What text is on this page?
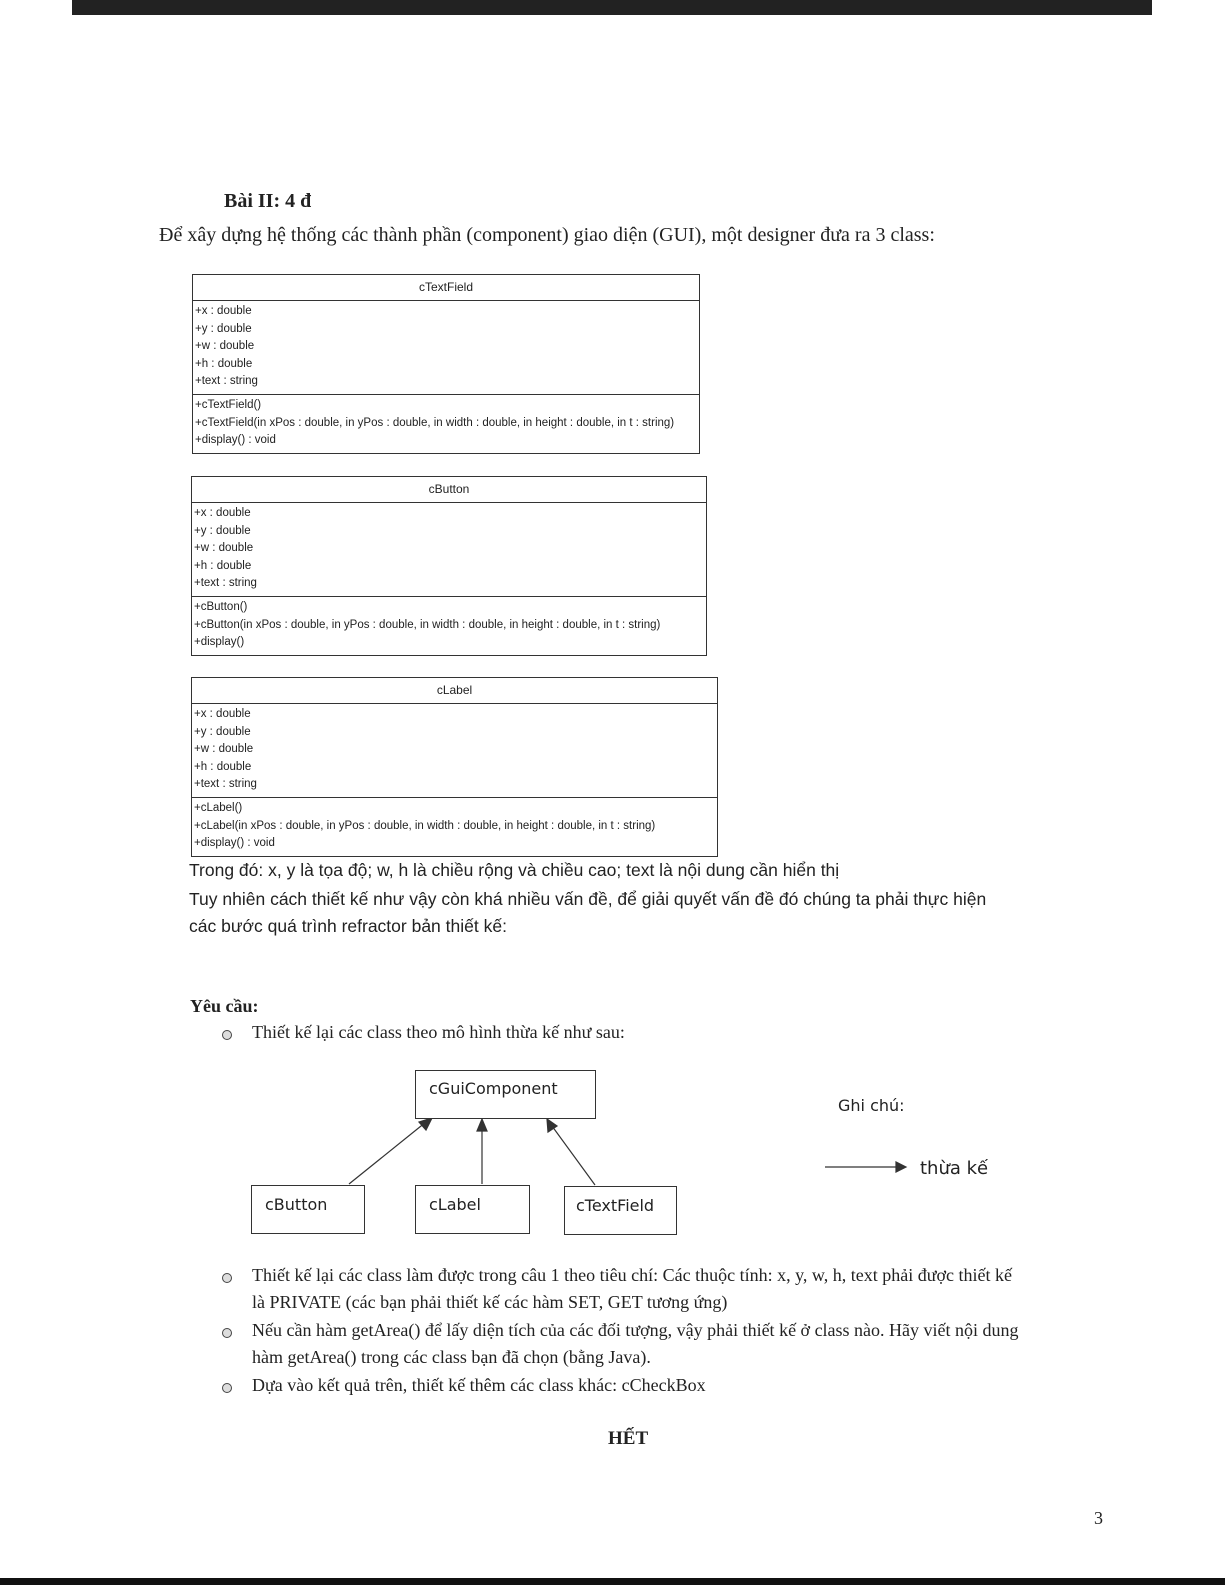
Bài II: 4 đ
Để xây dựng hệ thống các thành phần (component) giao diện (GUI), một designer đưa ra 3 class:
cTextField
+x : double
+y : double
+w : double
+h : double
+text : string
+cTextField()
+cTextField(in xPos : double, in yPos : double, in width : double, in height : double, in t : string)
+display() : void
cButton
+x : double
+y : double
+w : double
+h : double
+text : string
+cButton()
+cButton(in xPos : double, in yPos : double, in width : double, in height : double, in t : string)
+display()
cLabel
+x : double
+y : double
+w : double
+h : double
+text : string
+cLabel()
+cLabel(in xPos : double, in yPos : double, in width : double, in height : double, in t : string)
+display() : void
Trong đó: x, y là tọa độ; w, h là chiều rộng và chiều cao; text là nội dung cần hiển thị
Tuy nhiên cách thiết kế như vậy còn khá nhiều vấn đề, để giải quyết vấn đề đó chúng ta phải thực hiện
các bước quá trình refractor bản thiết kế:
Yêu cầu:
Thiết kế lại các class theo mô hình thừa kế như sau:
cGuiComponent
cButton	cLabel	cTextField
Ghi chú:
thừa kế
Thiết kế lại các class làm được trong câu 1 theo tiêu chí: Các thuộc tính: x, y, w, h, text phải được thiết kế
là PRIVATE (các bạn phải thiết kế các hàm SET, GET tương ứng)
Nếu cần hàm getArea() để lấy diện tích của các đối tượng, vậy phải thiết kế ở class nào. Hãy viết nội dung
hàm getArea() trong các class bạn đã chọn (bằng Java).
Dựa vào kết quả trên, thiết kế thêm các class khác: cCheckBox
HẾT
3
